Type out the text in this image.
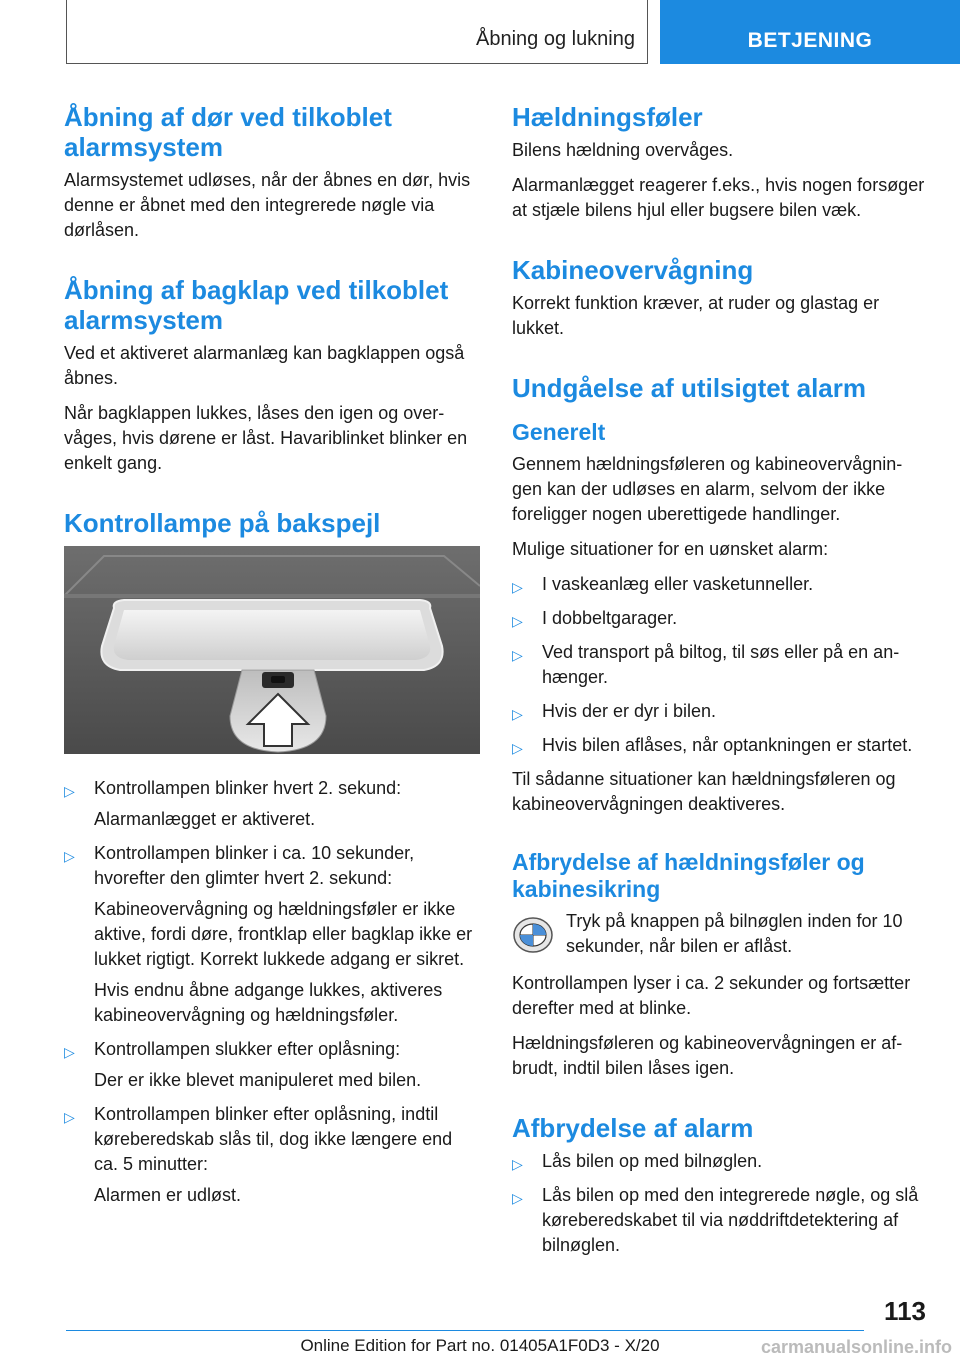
Åbning og lukning	BETJENING
Åbning af dør ved tilkoblet alarmsystem

Alarmsystemet udløses, når der åbnes en dør, hvis denne er åbnet med den integrerede nøgle via dørlåsen.

Åbning af bagklap ved tilkoblet alarmsystem

Ved et aktiveret alarmanlæg kan bagklappen også åbnes.

Når bagklappen lukkes, låses den igen og overvåges, hvis dørene er låst. Havariblinket blinker en enkelt gang.

Kontrollampe på bakspejl
▷ Kontrollampen blinker hvert 2. sekund:

Alarmanlægget er aktiveret.

▷ Kontrollampen blinker i ca. 10 sekunder, hvorefter den glimter hvert 2. sekund:

Kabineovervågning og hældningsføler er ikke aktive, fordi døre, frontklap eller bagklap ikke er lukket rigtigt. Korrekt lukkede adgang er sikret.

Hvis endnu åbne adgange lukkes, aktiveres kabineovervågning og hældningsføler.

▷ Kontrollampen slukker efter oplåsning:

Der er ikke blevet manipuleret med bilen.

▷ Kontrollampen blinker efter oplåsning, indtil køreberedskab slås til, dog ikke længere end ca. 5 minutter:

Alarmen er udløst.

Hældningsføler

Bilens hældning overvåges.

Alarmanlægget reagerer f.eks., hvis nogen forsøger at stjæle bilens hjul eller bugsere bilen væk.

Kabineovervågning

Korrekt funktion kræver, at ruder og glastag er lukket.

Undgåelse af utilsigtet alarm
Generelt

Gennem hældningsføleren og kabineovervågningen kan der udløses en alarm, selvom der ikke foreligger nogen uberettigede handlinger.

Mulige situationer for en uønsket alarm:

▷ I vaskeanlæg eller vasketunneller.
▷ I dobbeltgarager.
▷ Ved transport på biltog, til søs eller på en anhænger.
▷ Hvis der er dyr i bilen.
▷ Hvis bilen aflåses, når optankningen er startet.

Til sådanne situationer kan hældningsføleren og kabineovervågningen deaktiveres.

Afbrydelse af hældningsføler og kabinesikring

Tryk på knappen på bilnøglen inden for 10 sekunder, når bilen er aflåst.

Kontrollampen lyser i ca. 2 sekunder og fortsætter derefter med at blinke.

Hældningsføleren og kabineovervågningen er afbrudt, indtil bilen låses igen.

Afbrydelse af alarm
▷ Lås bilen op med bilnøglen.
▷ Lås bilen op med den integrerede nøgle, og slå køreberedskabet til via nøddriftdetektering af bilnøglen.
113
Online Edition for Part no. 01405A1F0D3 - X/20	carmanualsonline.info
